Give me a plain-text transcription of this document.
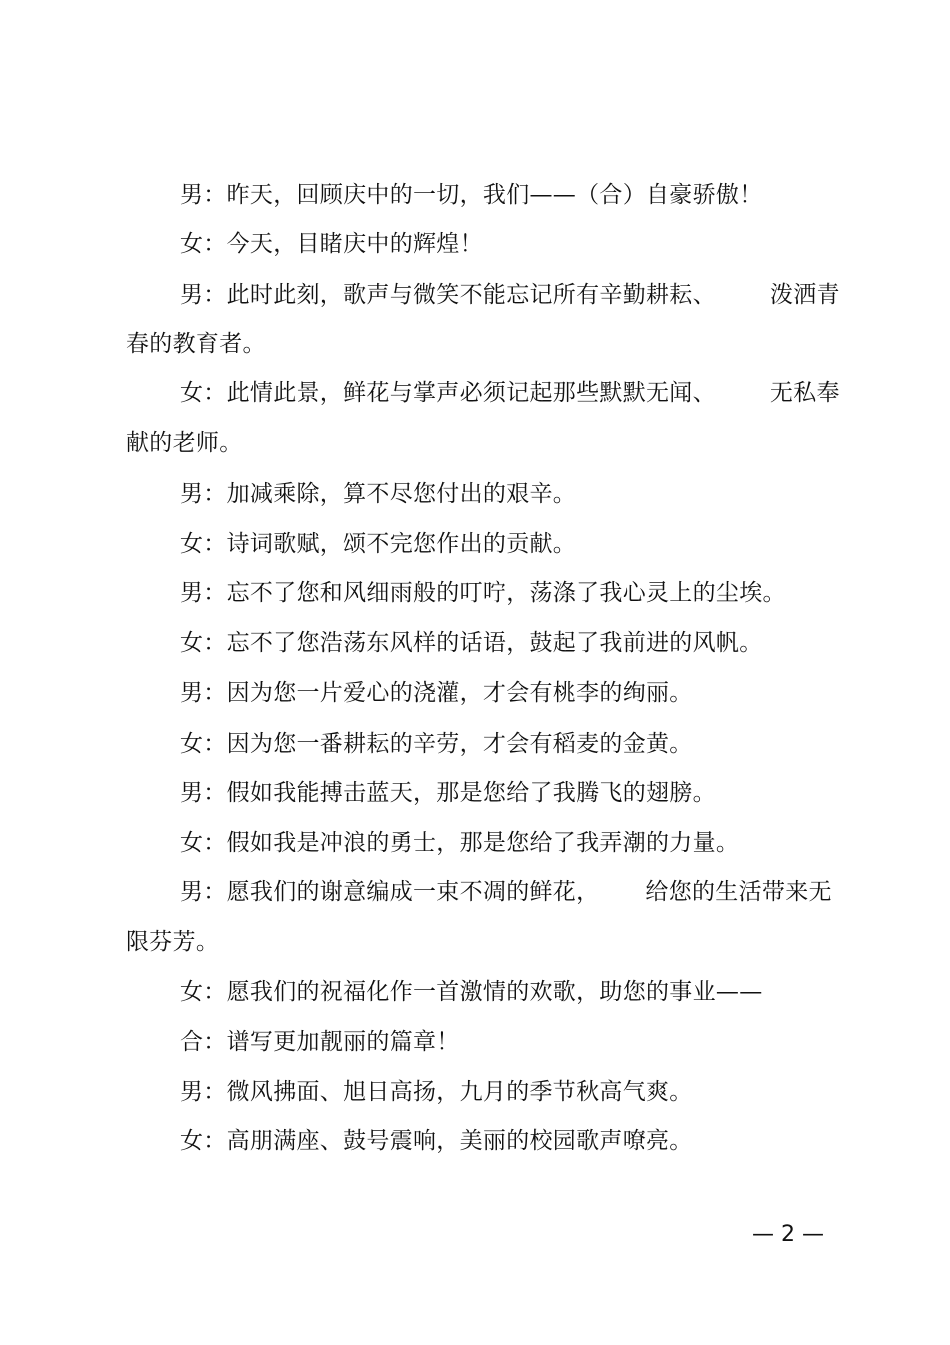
男：昨天，回顾庆中的一切，我们——（合）自豪骄傲！
女：今天，目睹庆中的辉煌！
男：此时此刻，歌声与微笑不能忘记所有辛勤耕耘、 泼洒青
春的教育者。
女：此情此景，鲜花与掌声必须记起那些默默无闻、 无私奉
献的老师。
男：加减乘除，算不尽您付出的艰辛。
女：诗词歌赋，颂不完您作出的贡献。
男：忘不了您和风细雨般的叮咛，荡涤了我心灵上的尘埃。
女：忘不了您浩荡东风样的话语，鼓起了我前进的风帆。
男：因为您一片爱心的浇灌，才会有桃李的绚丽。
女：因为您一番耕耘的辛劳，才会有稻麦的金黄。
男：假如我能搏击蓝天，那是您给了我腾飞的翅膀。
女：假如我是冲浪的勇士，那是您给了我弄潮的力量。
男：愿我们的谢意编成一束不凋的鲜花， 给您的生活带来无
限芬芳。
女：愿我们的祝福化作一首激情的欢歌，助您的事业——
合：谱写更加靓丽的篇章！
男：微风拂面、旭日高扬，九月的季节秋高气爽。
女：高朋满座、鼓号震响，美丽的校园歌声嘹亮。
— 2 —
